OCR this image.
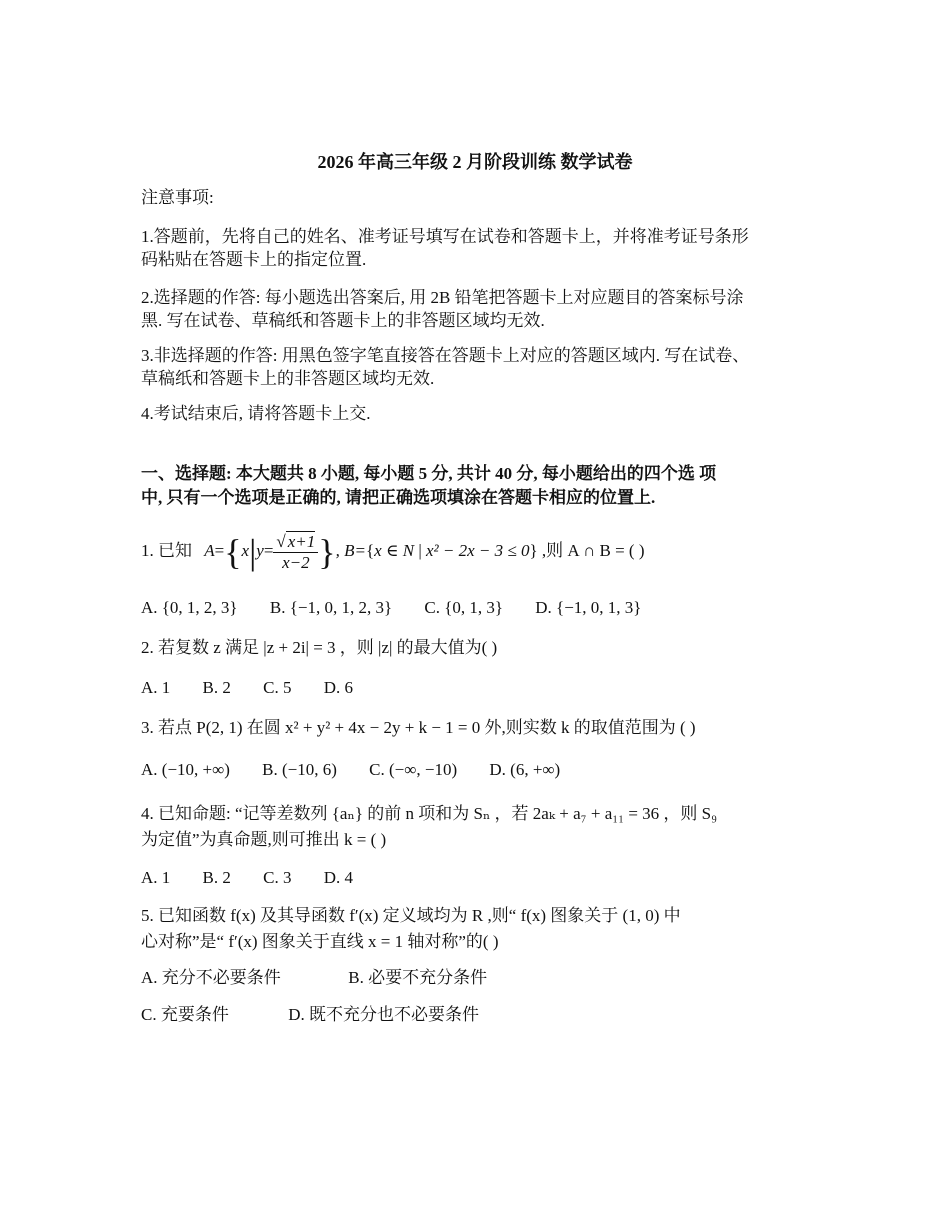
2026 年高三年级 2 月阶段训练 数学试卷
注意事项:
1.答题前，先将自己的姓名、准考证号填写在试卷和答题卡上，并将准考证号条形
码粘贴在答题卡上的指定位置.
2.选择题的作答: 每小题选出答案后, 用 2B 铅笔把答题卡上对应题目的答案标号涂
黑. 写在试卷、草稿纸和答题卡上的非答题区域均无效.
3.非选择题的作答: 用黑色签字笔直接答在答题卡上对应的答题区域内. 写在试卷、
草稿纸和答题卡上的非答题区域均无效.
4.考试结束后, 请将答题卡上交.
一、选择题: 本大题共 8 小题, 每小题 5 分, 共计 40 分, 每小题给出的四个选 项
中, 只有一个选项是正确的, 请把正确选项填涂在答题卡相应的位置上.
1. 已知 $A=\{x|y= \frac{√ x+1}{x-2}$ }, B={x ∈ N | x² − 2x − 3 ≤ 0} ,则 A ∩ B = ( )
A. {0, 1, 2, 3} B. {−1, 0, 1, 2, 3} C. {0, 1, 3} D. {−1, 0, 1, 3}
2. 若复数 z 满足 |z + 2i| = 3 ，则 |z| 的最大值为( )
A. 1 B. 2 C. 5 D. 6
3. 若点 P(2, 1) 在圆 x² + y² + 4x − 2y + k − 1 = 0 外,则实数 k 的取值范围为 ( )
A. (−10, +∞) B. (−10, 6) C. (−∞, −10) D. (6, +∞)
4. 已知命题: “记等差数列 {aₙ} 的前 n 项和为 Sₙ ，若 2aₖ + a₇ + a₁₁ = 36 ，则 S₉
为定值”为真命题,则可推出 k = ( )
A. 1 B. 2 C. 3 D. 4
5. 已知函数 f(x) 及其导函数 f′(x) 定义域均为 R ,则“ f(x) 图象关于 (1, 0) 中
心对称”是“ f′(x) 图象关于直线 x = 1 轴对称”的( )
A. 充分不必要条件	B. 必要不充分条件
C. 充要条件	D. 既不充分也不必要条件
